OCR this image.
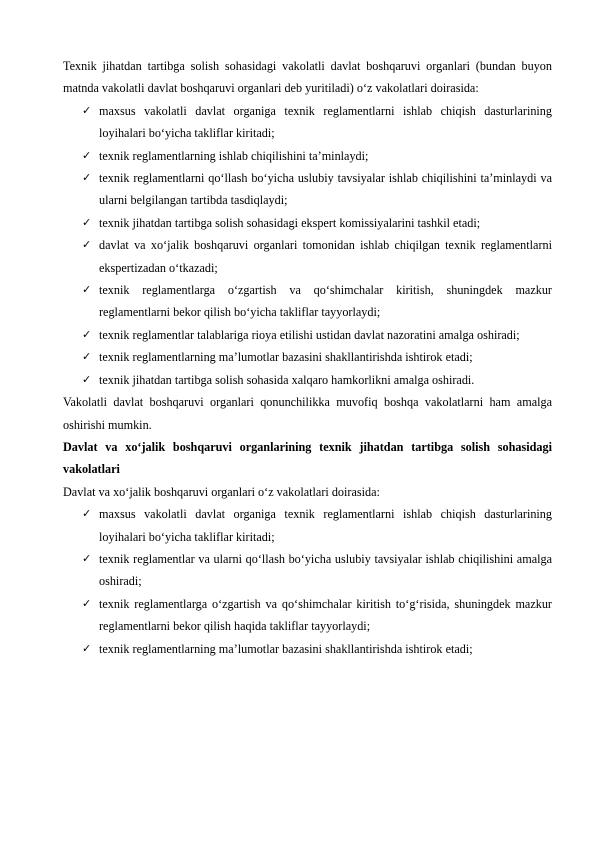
Texnik jihatdan tartibga solish sohasidagi vakolatli davlat boshqaruvi organlari (bundan buyon matnda vakolatli davlat boshqaruvi organlari deb yuritiladi) o‘z vakolatlari doirasida:

✓ maxsus vakolatli davlat organiga texnik reglamentlarni ishlab chiqish dasturlarining loyihalari bo‘yicha takliflar kiritadi;
✓ texnik reglamentlarning ishlab chiqilishini ta’minlaydi;
✓ texnik reglamentlarni qo‘llash bo‘yicha uslubiy tavsiyalar ishlab chiqilishini ta’minlaydi va ularni belgilangan tartibda tasdiqlaydi;
✓ texnik jihatdan tartibga solish sohasidagi ekspert komissiyalarini tashkil etadi;
✓ davlat va xo‘jalik boshqaruvi organlari tomonidan ishlab chiqilgan texnik reglamentlarni ekspertizadan o‘tkazadi;
✓ texnik reglamentlarga o‘zgartish va qo‘shimchalar kiritish, shuningdek mazkur reglamentlarni bekor qilish bo‘yicha takliflar tayyorlaydi;
✓ texnik reglamentlar talablariga rioya etilishi ustidan davlat nazoratini amalga oshiradi;
✓ texnik reglamentlarning ma’lumotlar bazasini shakllantirishda ishtirok etadi;
✓ texnik jihatdan tartibga solish sohasida xalqaro hamkorlikni amalga oshiradi.

Vakolatli davlat boshqaruvi organlari qonunchilikka muvofiq boshqa vakolatlarni ham amalga oshirishi mumkin.

Davlat va xo‘jalik boshqaruvi organlarining texnik jihatdan tartibga solish sohasidagi vakolatlari

Davlat va xo‘jalik boshqaruvi organlari o‘z vakolatlari doirasida:

✓ maxsus vakolatli davlat organiga texnik reglamentlarni ishlab chiqish dasturlarining loyihalari bo‘yicha takliflar kiritadi;
✓ texnik reglamentlar va ularni qo‘llash bo‘yicha uslubiy tavsiyalar ishlab chiqilishini amalga oshiradi;
✓ texnik reglamentlarga o‘zgartish va qo‘shimchalar kiritish to‘g‘risida, shuningdek mazkur reglamentlarni bekor qilish haqida takliflar tayyorlaydi;
✓ texnik reglamentlarning ma’lumotlar bazasini shakllantirishda ishtirok etadi;
